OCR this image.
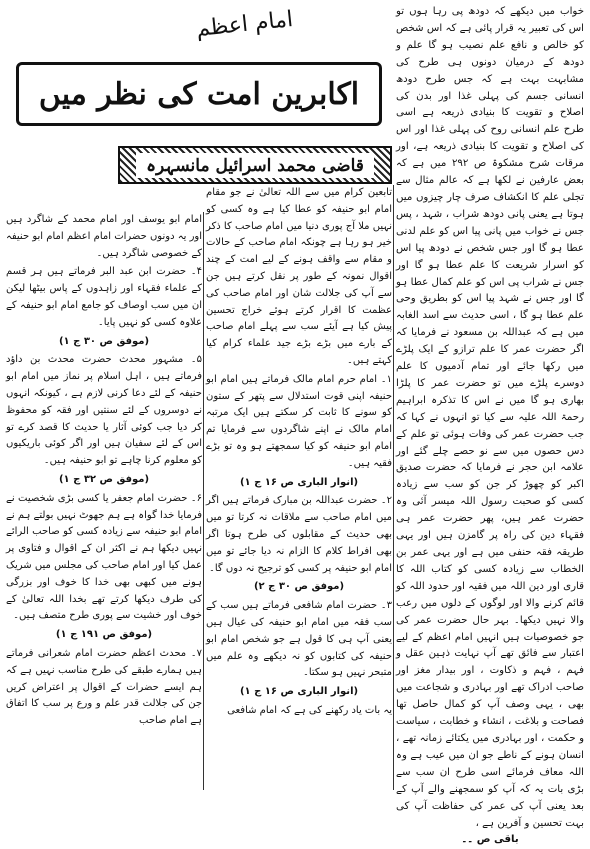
خواب میں دیکھے کہ دودھ پی رہا ہوں تو اس کی تعبیر یہ قرار پائی ہے کہ اس شخص کو خالص و نافع علم نصیب ہو گا علم و دودھ کے درمیان دونوں ہی طرح کی مشابہت بہت ہے کہ جس طرح دودھ انسانی جسم کی پہلی غذا اور بدن کی اصلاح و تقویت کا بنیادی ذریعہ ہے اسی طرح علم انسانی روح کی پہلی غذا اور اس کی اصلاح و تقویت کا بنیادی ذریعہ ہے، اور مرقات شرح مشکوۃ ص ۲۹۲ میں ہے کہ بعض عارفین نے لکھا ہے کہ عالم مثال سے تجلی علم کا انکشاف صرف چار چیزوں میں ہوتا ہے یعنی پانی دودھ شراب ، شہد ، پس جس نے خواب میں پانی پیا اس کو علم لدنی عطا ہو گا اور جس شخص نے دودھ پیا اس کو اسرار شریعت کا علم عطا ہو گا اور جس نے شراب پی اس کو علم کمال عطا ہو گا اور جس نے شہد پیا اس کو بطریق وحی علم عطا ہو گا ، اسی حدیث سے اسد الغابہ میں ہے کہ عبداللہ بن مسعود نے فرمایا کہ اگر حضرت عمر کا علم ترازو کے ایک پلڑے میں رکھا جائے اور تمام آدمیوں کا علم دوسرے پلڑے میں تو حضرت عمر کا پلڑا بھاری ہو گا میں نے اس کا تذکرہ ابراہیم رحمۃ اللہ علیہ سے کیا تو انہوں نے کہا کہ جب حضرت عمر کی وفات ہوئی تو علم کے دس حصوں میں سے نو حصے چلے گئے اور علامہ ابن حجر نے فرمایا کہ حضرت صدیق اکبر کو چھوڑ کر جن کو سب سے زیادہ کسی کو صحبت رسول اللہ میسر آئی وہ حضرت عمر ہیں، پھر حضرت عمر ہی فقہاء دین کی راہ پر گامزن ہیں اور یہی طریقہ فقہ حنفی میں ہے اور یہی عمر بن الخطاب سے زیادہ کسی کو کتاب اللہ کا قاری اور دین اللہ میں فقیہ اور حدود اللہ کو قائم کرنے والا اور لوگوں کے دلوں میں رعب والا نہیں دیکھا۔ بہر حال حضرت عمر کی جو خصوصیات ہیں انہیں امام اعظم کے لیے اعتبار سے فائق تھے آپ نہایت ذہین عقل و فہم ، فہم و ذکاوت ، اور بیدار مغز اور صاحب ادراک تھے اور بہادری و شجاعت میں بھی ، یہی وصف آپ کو کمال حاصل تھا فصاحت و بلاغت ، انشاء و خطابت ، سیاست و حکمت ، اور بہادری میں یکتائے زمانہ تھے ، انسان ہونے کے ناطے جو ان میں عیب ہے وہ اللہ معاف فرمائے اسی طرح ان سب سے بڑی بات یہ کہ آپ کو سمجھنے والے آپ کے بعد یعنی آپ کی عمر کی حفاظت آپ کی بہت تحسین و آفرین ہے ،

باقی ص ۔۔

امام اعظم
اکابرین امت کی نظر میں
قاضی محمد اسرائیل مانسہرہ

تابعین کرام میں سے اللہ تعالیٰ نے جو مقام امام ابو حنیفہ کو عطا کیا ہے وہ کسی کو نہیں ملا آج پوری دنیا میں امام صاحب کا ذکر خیر ہو رہا ہے چونکہ امام صاحب کے حالات و مقام سے واقف ہونے کے لیے امت کے چند اقوال نمونہ کے طور پر نقل کرتے ہیں جن سے آپ کی جلالت شان اور امام صاحب کی عظمت کا اقرار کرتے ہوئے خراج تحسین پیش کیا ہے آیئے سب سے پہلے امام صاحب کے بارے میں بڑے بڑے جید علماء کرام کیا کہتے ہیں۔

۱۔ امام حرم امام مالک فرماتے ہیں امام ابو حنیفہ اپنی قوت استدلال سے پتھر کے ستون کو سونے کا ثابت کر سکتے ہیں ایک مرتبہ امام مالک نے اپنے شاگردوں سے فرمایا تم امام ابو حنیفہ کو کیا سمجھتے ہو وہ تو بڑے فقیہ ہیں۔

(انوار الباری ص ۱۶ ج ۱)

۲۔ حضرت عبداللہ بن مبارک فرماتے ہیں اگر میں امام صاحب سے ملاقات نہ کرتا تو میں بھی حدیث کے مقابلوں کی طرح ہوتا اگر بھی افراط کلام کا الزام نہ دیا جائے تو میں امام ابو حنیفہ پر کسی کو ترجیح نہ دوں گا۔

(موفق ص ۳۰ ج ۲)

۳۔ حضرت امام شافعی فرماتے ہیں سب کے سب فقہ میں امام ابو حنیفہ کی عیال ہیں یعنی آپ ہی کا قول ہے جو شخص امام ابو حنیفہ کی کتابوں کو نہ دیکھے وہ علم میں متبحر نہیں ہو سکتا۔

(انوار الباری ص ۱۶ ج ۱)

یہ بات یاد رکھنے کی ہے کہ امام شافعی

امام ابو یوسف اور امام محمد کے شاگرد ہیں اور یہ دونوں حضرات امام اعظم امام ابو حنیفہ کے خصوصی شاگرد ہیں۔

۴۔ حضرت ابن عبد البر فرماتے ہیں ہر قسم کے علماء فقہاء اور زاہدوں کے پاس بیٹھا لیکن ان میں سب اوصاف کو جامع امام ابو حنیفہ کے علاوہ کسی کو نہیں پایا۔

(موفق ص ۳۰ ج ۱)

۵۔ مشہور محدث حضرت محدث بن داؤد فرماتے ہیں ، اہل اسلام پر نماز میں امام ابو حنیفہ کے لئے دعا کرنی لازم ہے ، کیونکہ انہوں نے دوسروں کے لئے سنتیں اور فقہ کو محفوظ کر دیا جب کوئی آثار یا حدیث کا قصد کرے تو اس کے لئے سفیان ہیں اور اگر کوئی باریکیوں کو معلوم کرنا چاہے تو ابو حنیفہ ہیں۔

(موفق ص ۳۲ ج ۱)

۶۔ حضرت امام جعفر یا کسی بڑی شخصیت نے فرمایا خدا گواہ ہے ہم جھوٹ نہیں بولتے ہم نے امام ابو حنیفہ سے زیادہ کسی کو صاحب الرائے نہیں دیکھا ہم نے اکثر ان کے اقوال و فتاوی پر عمل کیا اور امام صاحب کی مجلس میں شریک ہونے میں کبھی بھی خدا کا خوف اور بزرگی کی طرف دیکھا کرتے تھے بخدا اللہ تعالیٰ کے خوف اور خشیت سے پوری طرح متصف ہیں۔

(موفق ص ۱۹۱ ج ۱)

۷۔ محدث اعظم حضرت امام شعرانی فرماتے ہیں ہمارے طبقے کی طرح مناسب نہیں ہے کہ ہم ایسے حضرات کے اقوال پر اعتراض کریں جن کی جلالت قدر علم و ورع پر سب کا اتفاق ہے امام صاحب
